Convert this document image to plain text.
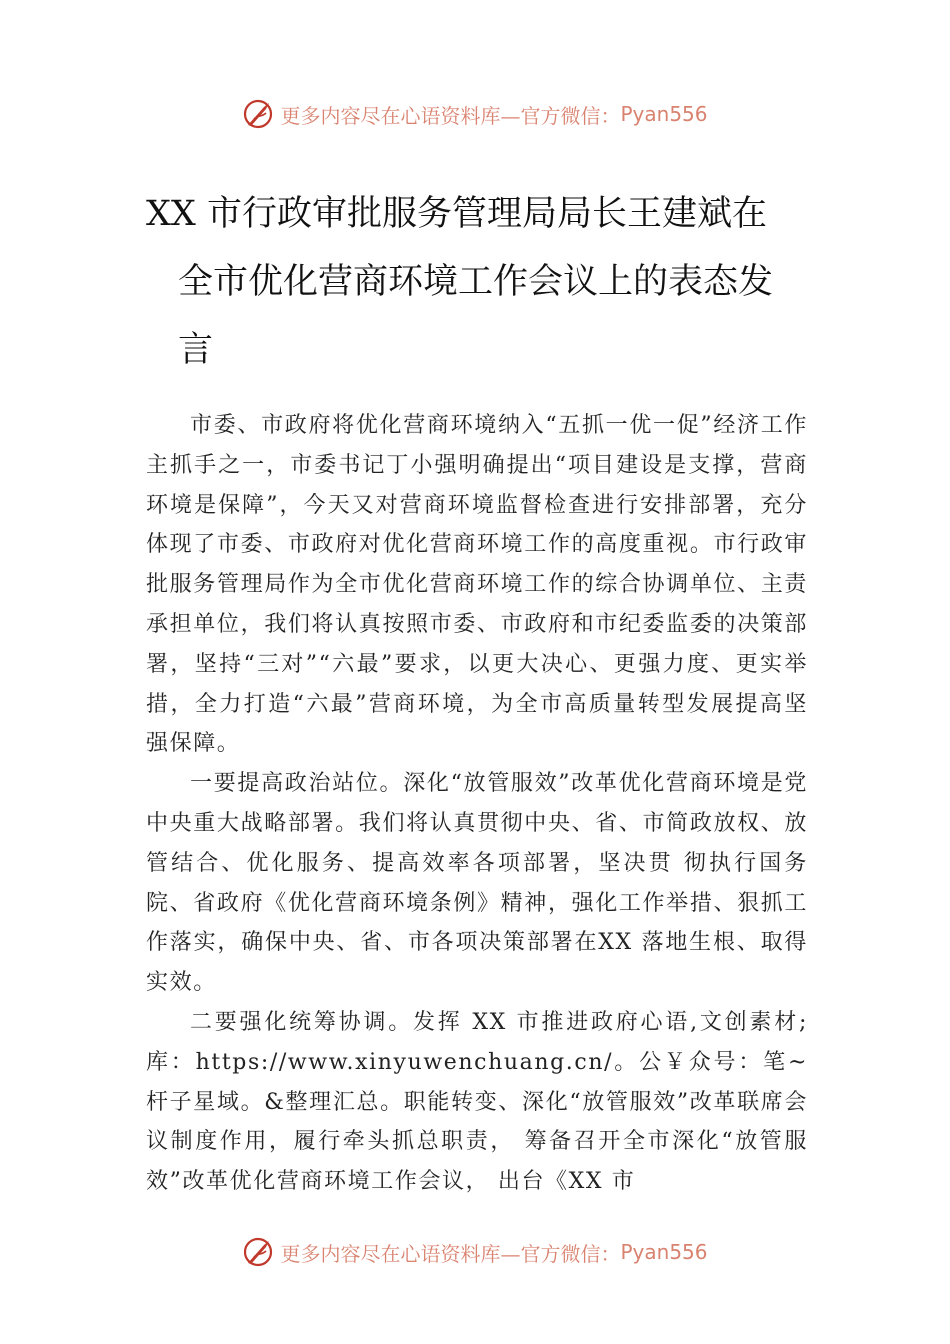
更多内容尽在心语资料库—官方微信： Pyan556
XX 市行政审批服务管理局局长王建斌在
全市优化营商环境工作会议上的表态发
言

市委、市政府将优化营商环境纳入“五抓一优一促”经济工作主抓手之一，市委书记丁小强明确提出“项目建设是支撑，营商环境是保障”，今天又对营商环境监督检查进行安排部署，充分体现了市委、市政府对优化营商环境工作的高度重视。市行政审批服务管理局作为全市优化营商环境工作的综合协调单位、主责承担单位，我们将认真按照市委、市政府和市纪委监委的决策部署，坚持“三对”“六最”要求，以更大决心、更强力度、更实举措，全力打造“六最”营商环境，为全市高质量转型发展提高坚强保障。

一要提高政治站位。深化“放管服效”改革优化营商环境是党中央重大战略部署。我们将认真贯彻中央、省、市简政放权、放管结合、优化服务、提高效率各项部署，坚决贯 彻执行国务院、省政府《优化营商环境条例》精神，强化工作举措、狠抓工作落实，确保中央、省、市各项决策部署在XX 落地生根、取得实效。

二要强化统筹协调。发挥 XX 市推进政府心语,文创素材;库：https://www.xinyuwenchuang.cn/。公￥众号：笔~杆子星域。&整理汇总。职能转变、深化“放管服效”改革联席会议制度作用，履行牵头抓总职责， 筹备召开全市深化“放管服效”改革优化营商环境工作会议， 出台《XX 市

更多内容尽在心语资料库—官方微信： Pyan556
